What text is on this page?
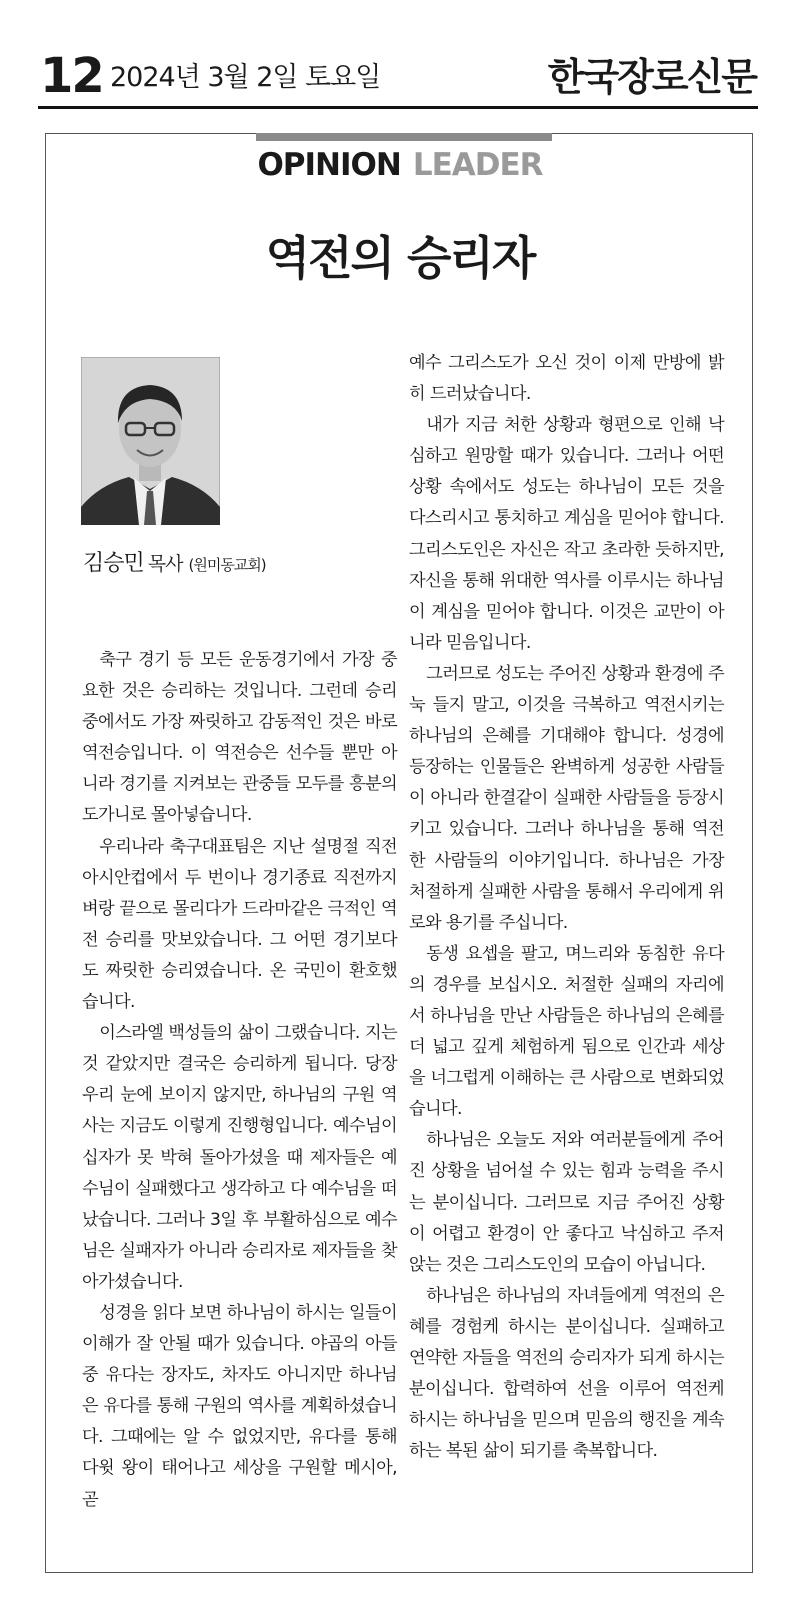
12 2024년 3월 2일 토요일	한국장로신문
OPINION LEADER
역전의 승리자
김승민 목사 (원미동교회)

축구 경기 등 모든 운동경기에서 가장 중요한 것은 승리하는 것입니다. 그런데 승리 중에서도 가장 짜릿하고 감동적인 것은 바로 역전승입니다. 이 역전승은 선수들 뿐만 아니라 경기를 지켜보는 관중들 모두를 흥분의 도가니로 몰아넣습니다.

우리나라 축구대표팀은 지난 설명절 직전 아시안컵에서 두 번이나 경기종료 직전까지 벼랑 끝으로 몰리다가 드라마같은 극적인 역전 승리를 맛보았습니다. 그 어떤 경기보다도 짜릿한 승리였습니다. 온 국민이 환호했습니다.

이스라엘 백성들의 삶이 그랬습니다. 지는 것 같았지만 결국은 승리하게 됩니다. 당장 우리 눈에 보이지 않지만, 하나님의 구원 역사는 지금도 이렇게 진행형입니다. 예수님이 십자가 못 박혀 돌아가셨을 때 제자들은 예수님이 실패했다고 생각하고 다 예수님을 떠났습니다. 그러나 3일 후 부활하심으로 예수님은 실패자가 아니라 승리자로 제자들을 찾아가셨습니다.

성경을 읽다 보면 하나님이 하시는 일들이 이해가 잘 안될 때가 있습니다. 야곱의 아들 중 유다는 장자도, 차자도 아니지만 하나님은 유다를 통해 구원의 역사를 계획하셨습니다. 그때에는 알 수 없었지만, 유다를 통해 다윗 왕이 태어나고 세상을 구원할 메시아, 곧

예수 그리스도가 오신 것이 이제 만방에 밝히 드러났습니다.

내가 지금 처한 상황과 형편으로 인해 낙심하고 원망할 때가 있습니다. 그러나 어떤 상황 속에서도 성도는 하나님이 모든 것을 다스리시고 통치하고 계심을 믿어야 합니다. 그리스도인은 자신은 작고 초라한 듯하지만, 자신을 통해 위대한 역사를 이루시는 하나님이 계심을 믿어야 합니다. 이것은 교만이 아니라 믿음입니다.

그러므로 성도는 주어진 상황과 환경에 주눅 들지 말고, 이것을 극복하고 역전시키는 하나님의 은혜를 기대해야 합니다. 성경에 등장하는 인물들은 완벽하게 성공한 사람들이 아니라 한결같이 실패한 사람들을 등장시키고 있습니다. 그러나 하나님을 통해 역전한 사람들의 이야기입니다. 하나님은 가장 처절하게 실패한 사람을 통해서 우리에게 위로와 용기를 주십니다.

동생 요셉을 팔고, 며느리와 동침한 유다의 경우를 보십시오. 처절한 실패의 자리에서 하나님을 만난 사람들은 하나님의 은혜를 더 넓고 깊게 체험하게 됨으로 인간과 세상을 너그럽게 이해하는 큰 사람으로 변화되었습니다.

하나님은 오늘도 저와 여러분들에게 주어진 상황을 넘어설 수 있는 힘과 능력을 주시는 분이십니다. 그러므로 지금 주어진 상황이 어렵고 환경이 안 좋다고 낙심하고 주저앉는 것은 그리스도인의 모습이 아닙니다.

하나님은 하나님의 자녀들에게 역전의 은혜를 경험케 하시는 분이십니다. 실패하고 연약한 자들을 역전의 승리자가 되게 하시는 분이십니다. 합력하여 선을 이루어 역전케 하시는 하나님을 믿으며 믿음의 행진을 계속하는 복된 삶이 되기를 축복합니다.
